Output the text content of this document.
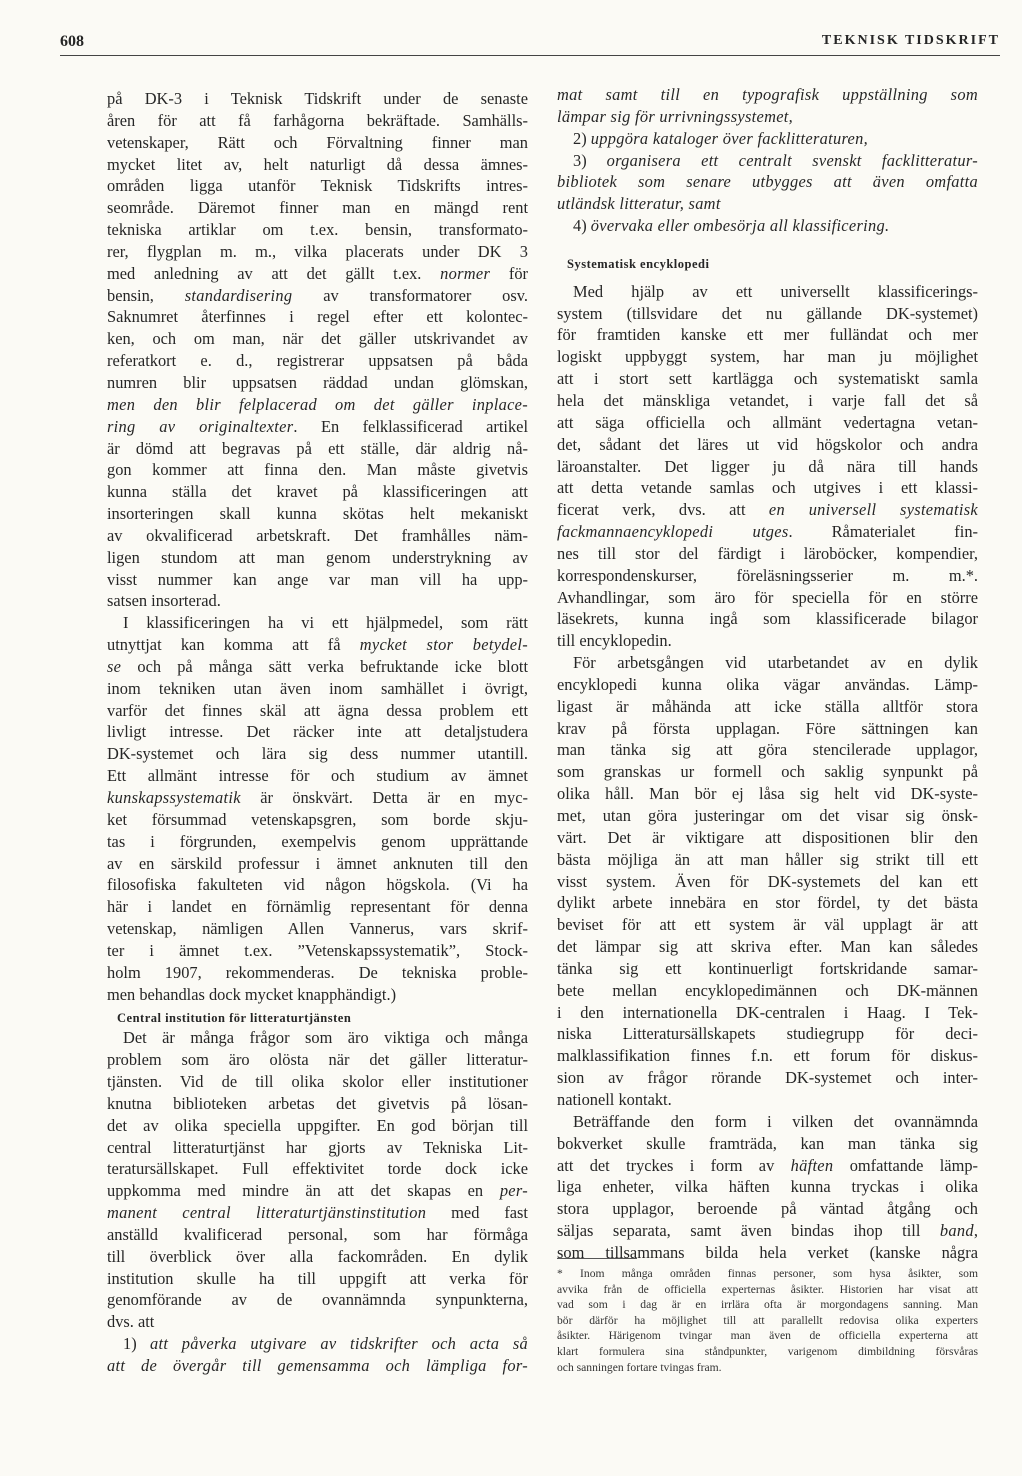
608	TEKNISK TIDSKRIFT
på DK-3 i Teknisk Tidskrift under de senaste
åren för att få farhågorna bekräftade. Samhälls-
vetenskaper, Rätt och Förvaltning finner man
mycket litet av, helt naturligt då dessa ämnes-
områden ligga utanför Teknisk Tidskrifts intres-
seområde. Däremot finner man en mängd rent
tekniska artiklar om t.ex. bensin, transformato-
rer, flygplan m. m., vilka placerats under DK 3
med anledning av att det gällt t.ex. normer för
bensin, standardisering av transformatorer osv.
Saknumret återfinnes i regel efter ett kolontec-
ken, och om man, när det gäller utskrivandet av
referatkort e. d., registrerar uppsatsen på båda
numren blir uppsatsen räddad undan glömskan,
men den blir felplacerad om det gäller inplace-
ring av originaltexter. En felklassificerad artikel
är dömd att begravas på ett ställe, där aldrig nå-
gon kommer att finna den. Man måste givetvis
kunna ställa det kravet på klassificeringen att
insorteringen skall kunna skötas helt mekaniskt
av okvalificerad arbetskraft. Det framhålles näm-
ligen stundom att man genom understrykning av
visst nummer kan ange var man vill ha upp-
satsen insorterad.
I klassificeringen ha vi ett hjälpmedel, som rätt
utnyttjat kan komma att få mycket stor betydel-
se och på många sätt verka befruktande icke blott
inom tekniken utan även inom samhället i övrigt,
varför det finnes skäl att ägna dessa problem ett
livligt intresse. Det räcker inte att detaljstudera
DK-systemet och lära sig dess nummer utantill.
Ett allmänt intresse för och studium av ämnet
kunskapssystematik är önskvärt. Detta är en myc-
ket försummad vetenskapsgren, som borde skju-
tas i förgrunden, exempelvis genom upprättande
av en särskild professur i ämnet anknuten till den
filosofiska fakulteten vid någon högskola. (Vi ha
här i landet en förnämlig representant för denna
vetenskap, nämligen Allen Vannerus, vars skrif-
ter i ämnet t.ex. ”Vetenskapssystematik”, Stock-
holm 1907, rekommenderas. De tekniska proble-
men behandlas dock mycket knapphändigt.)
Central institution för litteraturtjänsten
Det är många frågor som äro viktiga och många
problem som äro olösta när det gäller litteratur-
tjänsten. Vid de till olika skolor eller institutioner
knutna biblioteken arbetas det givetvis på lösan-
det av olika speciella uppgifter. En god början till
central litteraturtjänst har gjorts av Tekniska Lit-
teratursällskapet. Full effektivitet torde dock icke
uppkomma med mindre än att det skapas en per-
manent central litteraturtjänstinstitution med fast
anställd kvalificerad personal, som har förmåga
till överblick över alla fackområden. En dylik
institution skulle ha till uppgift att verka för
genomförande av de ovannämnda synpunkterna,
dvs. att
1) att påverka utgivare av tidskrifter och acta så
att de övergår till gemensamma och lämpliga for-
mat samt till en typografisk uppställning som
lämpar sig för urrivningssystemet,
2) uppgöra kataloger över facklitteraturen,
3) organisera ett centralt svenskt facklitteratur-
bibliotek som senare utbygges att även omfatta
utländsk litteratur, samt
4) övervaka eller ombesörja all klassificering.
Systematisk encyklopedi
Med hjälp av ett universellt klassificerings-
system (tillsvidare det nu gällande DK-systemet)
för framtiden kanske ett mer fulländat och mer
logiskt uppbyggt system, har man ju möjlighet
att i stort sett kartlägga och systematiskt samla
hela det mänskliga vetandet, i varje fall det så
att säga officiella och allmänt vedertagna vetan-
det, sådant det läres ut vid högskolor och andra
läroanstalter. Det ligger ju då nära till hands
att detta vetande samlas och utgives i ett klassi-
ficerat verk, dvs. att en universell systematisk
fackmannaencyklopedi utges. Råmaterialet fin-
nes till stor del färdigt i läroböcker, kompendier,
korrespondenskurser, föreläsningsserier m. m.*.
Avhandlingar, som äro för speciella för en större
läsekrets, kunna ingå som klassificerade bilagor
till encyklopedin.
För arbetsgången vid utarbetandet av en dylik
encyklopedi kunna olika vägar användas. Lämp-
ligast är måhända att icke ställa alltför stora
krav på första upplagan. Före sättningen kan
man tänka sig att göra stencilerade upplagor,
som granskas ur formell och saklig synpunkt på
olika håll. Man bör ej låsa sig helt vid DK-syste-
met, utan göra justeringar om det visar sig önsk-
värt. Det är viktigare att dispositionen blir den
bästa möjliga än att man håller sig strikt till ett
visst system. Även för DK-systemets del kan ett
dylikt arbete innebära en stor fördel, ty det bästa
beviset för att ett system är väl upplagt är att
det lämpar sig att skriva efter. Man kan således
tänka sig ett kontinuerligt fortskridande samar-
bete mellan encyklopedimännen och DK-männen
i den internationella DK-centralen i Haag. I Tek-
niska Litteratursällskapets studiegrupp för deci-
malklassifikation finnes f.n. ett forum för diskus-
sion av frågor rörande DK-systemet och inter-
nationell kontakt.
Beträffande den form i vilken det ovannämnda
bokverket skulle framträda, kan man tänka sig
att det tryckes i form av häften omfattande lämp-
liga enheter, vilka häften kunna tryckas i olika
stora upplagor, beroende på väntad åtgång och
säljas separata, samt även bindas ihop till band,
som tillsammans bilda hela verket (kanske några
* Inom många områden finnas personer, som hysa åsikter, som
avvika från de officiella experternas åsikter. Historien har visat att
vad som i dag är en irrlära ofta är morgondagens sanning. Man
bör därför ha möjlighet till att parallellt redovisa olika experters
åsikter. Härigenom tvingar man även de officiella experterna att
klart formulera sina ståndpunkter, varigenom dimbildning försvåras
och sanningen fortare tvingas fram.
